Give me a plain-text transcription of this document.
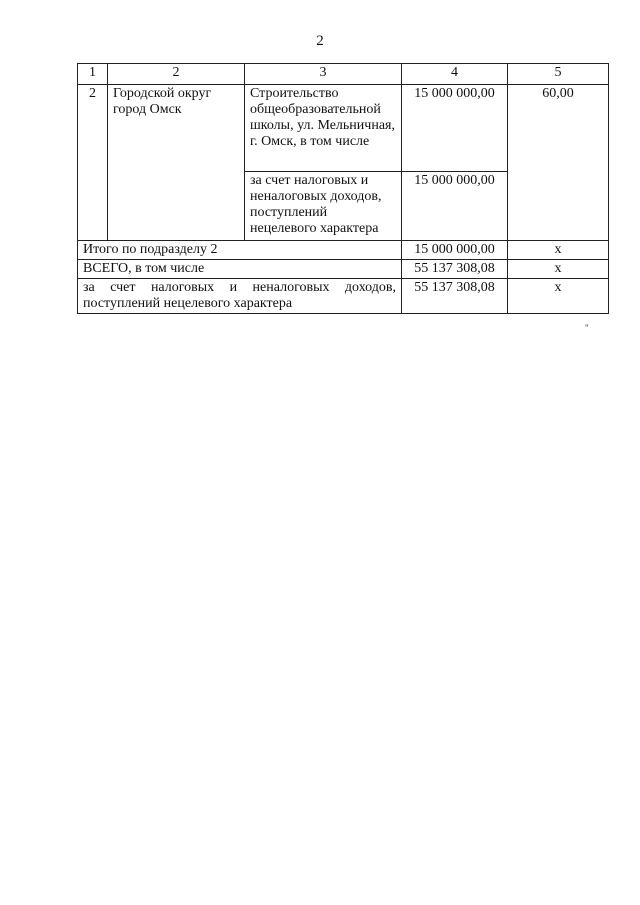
2
1	2	3	4	5
2	Городской округ город Омск	Строительство общеобразовательной школы, ул. Мельничная, г. Омск, в том числе	15 000 000,00	60,00
		за счет налоговых и неналоговых доходов, поступлений нецелевого характера	15 000 000,00	
Итого по подразделу 2			15 000 000,00	х
ВСЕГО, в том числе			55 137 308,08	х
за счет налоговых и неналоговых доходов, поступлений нецелевого характера			55 137 308,08	х
"
